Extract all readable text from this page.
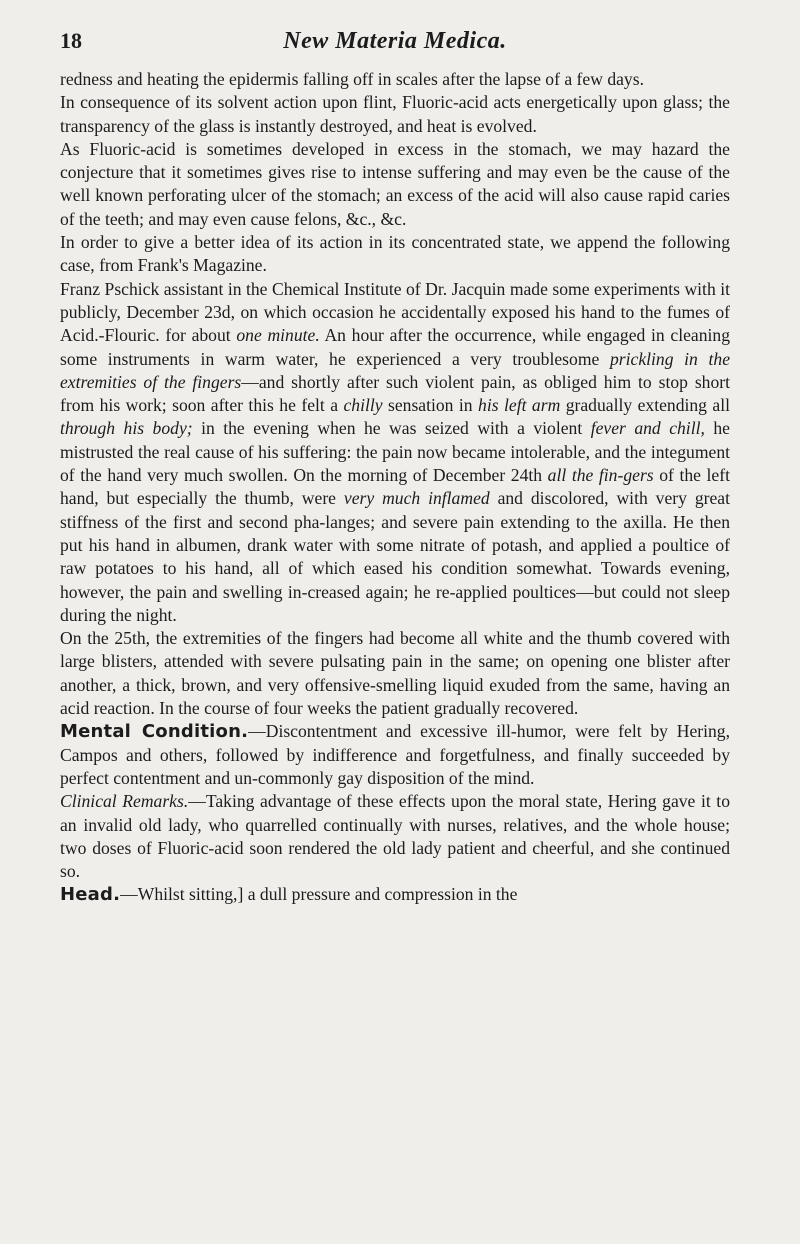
18	New Materia Medica.

redness and heating the epidermis falling off in scales after the lapse of a few days.

In consequence of its solvent action upon flint, Fluoric-acid acts energetically upon glass; the transparency of the glass is instantly destroyed, and heat is evolved.

As Fluoric-acid is sometimes developed in excess in the stomach, we may hazard the conjecture that it sometimes gives rise to intense suffering and may even be the cause of the well known perforating ulcer of the stomach; an excess of the acid will also cause rapid caries of the teeth; and may even cause felons, &c., &c.

In order to give a better idea of its action in its concentrated state, we append the following case, from Frank's Magazine.

Franz Pschick assistant in the Chemical Institute of Dr. Jacquin made some experiments with it publicly, December 23d, on which occasion he accidentally exposed his hand to the fumes of Acid.-Flouric. for about one minute. An hour after the occurrence, while engaged in cleaning some instruments in warm water, he experienced a very troublesome prickling in the extremities of the fingers—and shortly after such violent pain, as obliged him to stop short from his work; soon after this he felt a chilly sensation in his left arm gradually extending all through his body; in the evening when he was seized with a violent fever and chill, he mistrusted the real cause of his suffering: the pain now became intolerable, and the integument of the hand very much swollen. On the morning of December 24th all the fin-gers of the left hand, but especially the thumb, were very much inflamed and discolored, with very great stiffness of the first and second pha-langes; and severe pain extending to the axilla. He then put his hand in albumen, drank water with some nitrate of potash, and applied a poultice of raw potatoes to his hand, all of which eased his condition somewhat. Towards evening, however, the pain and swelling in-creased again; he re-applied poultices—but could not sleep during the night.

On the 25th, the extremities of the fingers had become all white and the thumb covered with large blisters, attended with severe pulsating pain in the same; on opening one blister after another, a thick, brown, and very offensive-smelling liquid exuded from the same, having an acid reaction. In the course of four weeks the patient gradually recovered.

Mental Condition.—Discontentment and excessive ill-humor, were felt by Hering, Campos and others, followed by indifference and forgetfulness, and finally succeeded by perfect contentment and un-commonly gay disposition of the mind.

Clinical Remarks.—Taking advantage of these effects upon the moral state, Hering gave it to an invalid old lady, who quarrelled continually with nurses, relatives, and the whole house; two doses of Fluoric-acid soon rendered the old lady patient and cheerful, and she continued so.

Head.—Whilst sitting,] a dull pressure and compression in the
